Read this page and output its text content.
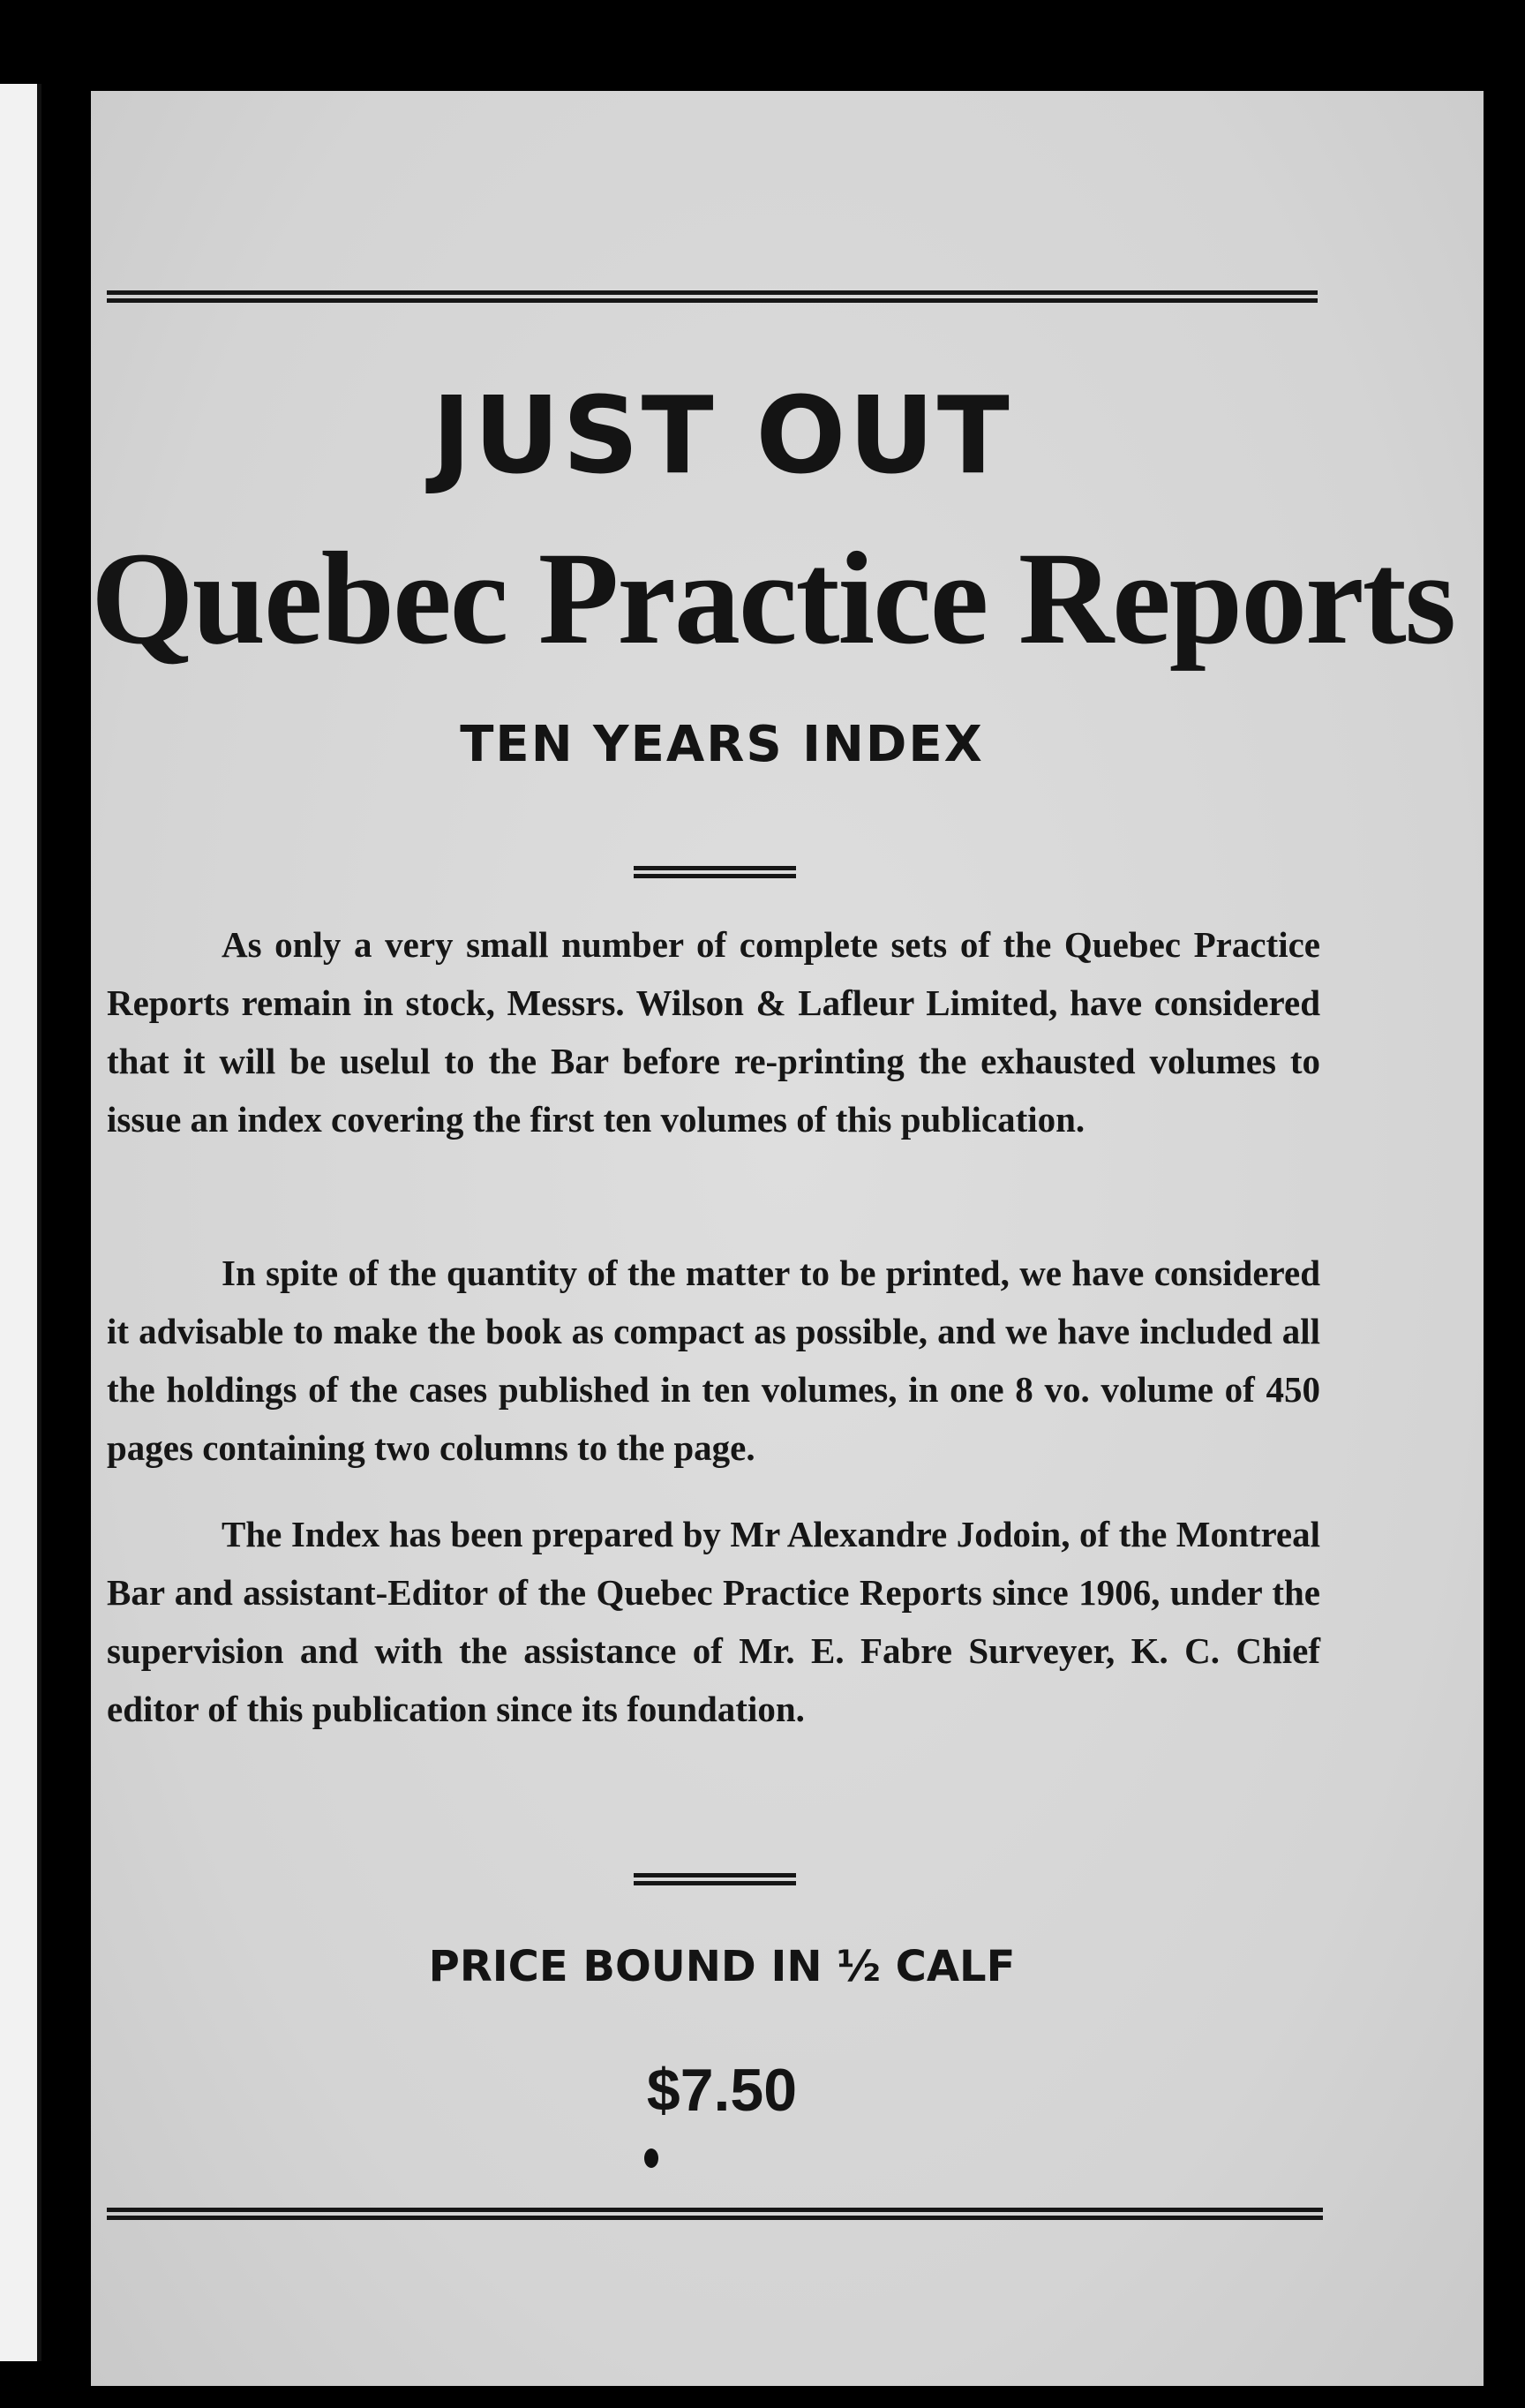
JUST OUT
Quebec Practice Reports
TEN YEARS INDEX

As only a very small number of complete sets of the Quebec Practice Reports remain in stock, Messrs. Wilson & Lafleur Limited, have considered that it will be uselul to the Bar before re-printing the exhausted volumes to issue an index covering the first ten volumes of this publication.

In spite of the quantity of the matter to be printed, we have considered it advisable to make the book as compact as possible, and we have included all the holdings of the cases published in ten volumes, in one 8 vo. volume of 450 pages containing two columns to the page.

The Index has been prepared by Mr Alexandre Jodoin, of the Montreal Bar and assistant-Editor of the Quebec Practice Reports since 1906, under the supervision and with the assistance of Mr. E. Fabre Surveyer, K. C. Chief editor of this publication since its foundation.

PRICE BOUND IN ½ CALF
$7.50
